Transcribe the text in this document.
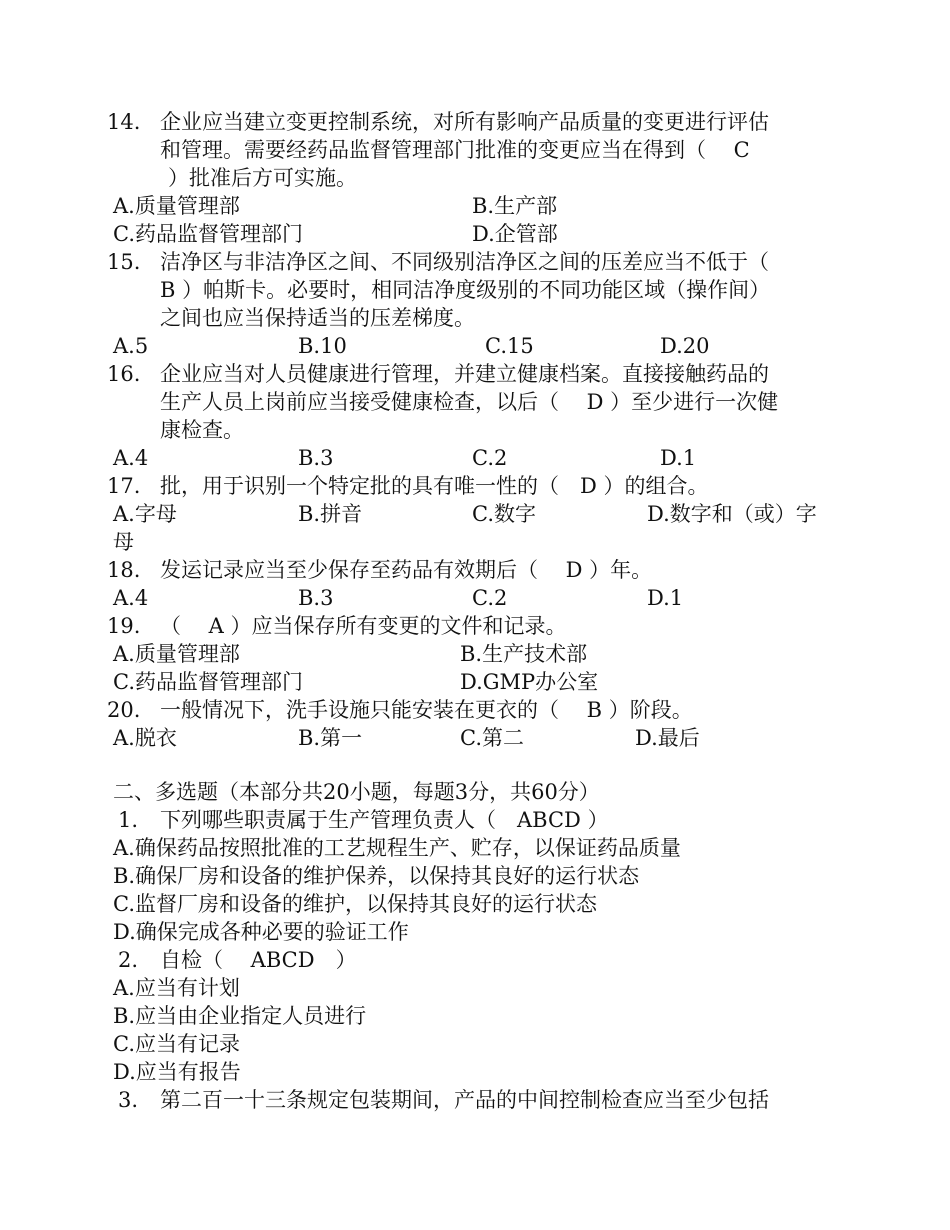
14. 企业应当建立变更控制系统，对所有影响产品质量的变更进行评估
和管理。需要经药品监督管理部门批准的变更应当在得到（　 C
）批准后方可实施。
A.质量管理部	B.生产部
C.药品监督管理部门	D.企管部
15. 洁净区与非洁净区之间、不同级别洁净区之间的压差应当不低于（
B ）帕斯卡。必要时，相同洁净度级别的不同功能区域（操作间）
之间也应当保持适当的压差梯度。
A.5	B.10	C.15	D.20
16. 企业应当对人员健康进行管理，并建立健康档案。直接接触药品的
生产人员上岗前应当接受健康检查，以后（　 D ）至少进行一次健
康检查。
A.4	B.3	C.2	D.1
17. 批，用于识别一个特定批的具有唯一性的（　D ）的组合。
A.字母	B.拼音	C.数字	D.数字和（或）字
母
18. 发运记录应当至少保存至药品有效期后（　 D ）年。
A.4	B.3	C.2	D.1
19. （　 A ）应当保存所有变更的文件和记录。
A.质量管理部	B.生产技术部
C.药品监督管理部门	D.GMP办公室
20. 一般情况下，洗手设施只能安装在更衣的（　 B ）阶段。
A.脱衣	B.第一	C.第二	D.最后
二、多选题（本部分共20小题，每题3分，共60分）
1. 下列哪些职责属于生产管理负责人（　ABCD ）
A.确保药品按照批准的工艺规程生产、贮存，以保证药品质量
B.确保厂房和设备的维护保养，以保持其良好的运行状态
C.监督厂房和设备的维护，以保持其良好的运行状态
D.确保完成各种必要的验证工作
2. 自检（　 ABCD　）
A.应当有计划
B.应当由企业指定人员进行
C.应当有记录
D.应当有报告
3. 第二百一十三条规定包装期间，产品的中间控制检查应当至少包括
